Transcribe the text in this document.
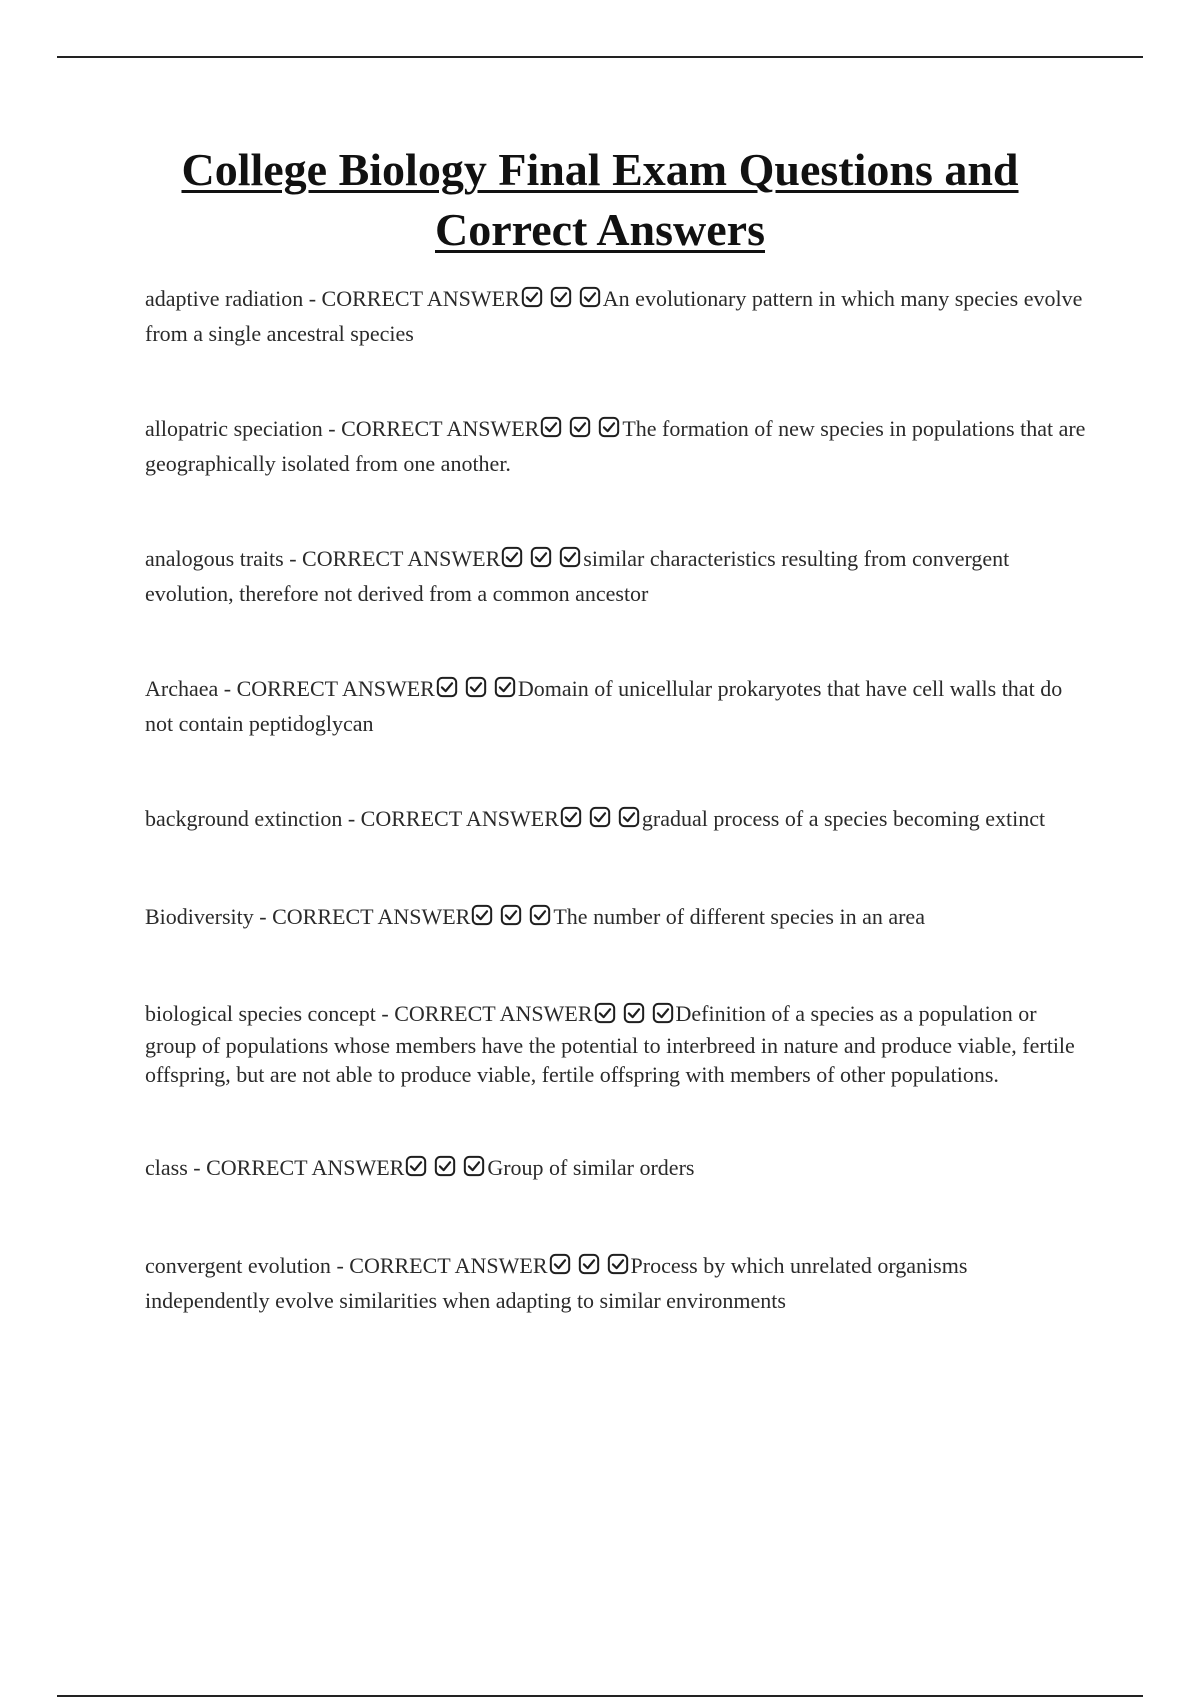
College Biology Final Exam Questions and
Correct Answers
adaptive radiation - CORRECT ANSWER	An evolutionary pattern in which many species evolve from a single ancestral species
allopatric speciation - CORRECT ANSWER	The formation of new species in populations that are geographically isolated from one another.
analogous traits - CORRECT ANSWER	similar characteristics resulting from convergent evolution, therefore not derived from a common ancestor
Archaea - CORRECT ANSWER	Domain of unicellular prokaryotes that have cell walls that do not contain peptidoglycan
background extinction - CORRECT ANSWER	gradual process of a species becoming extinct
Biodiversity - CORRECT ANSWER	The number of different species in an area
biological species concept - CORRECT ANSWER	Definition of a species as a population or group of populations whose members have the potential to interbreed in nature and produce viable, fertile offspring, but are not able to produce viable, fertile offspring with members of other populations.
class - CORRECT ANSWER	Group of similar orders
convergent evolution - CORRECT ANSWER	Process by which unrelated organisms independently evolve similarities when adapting to similar environments
